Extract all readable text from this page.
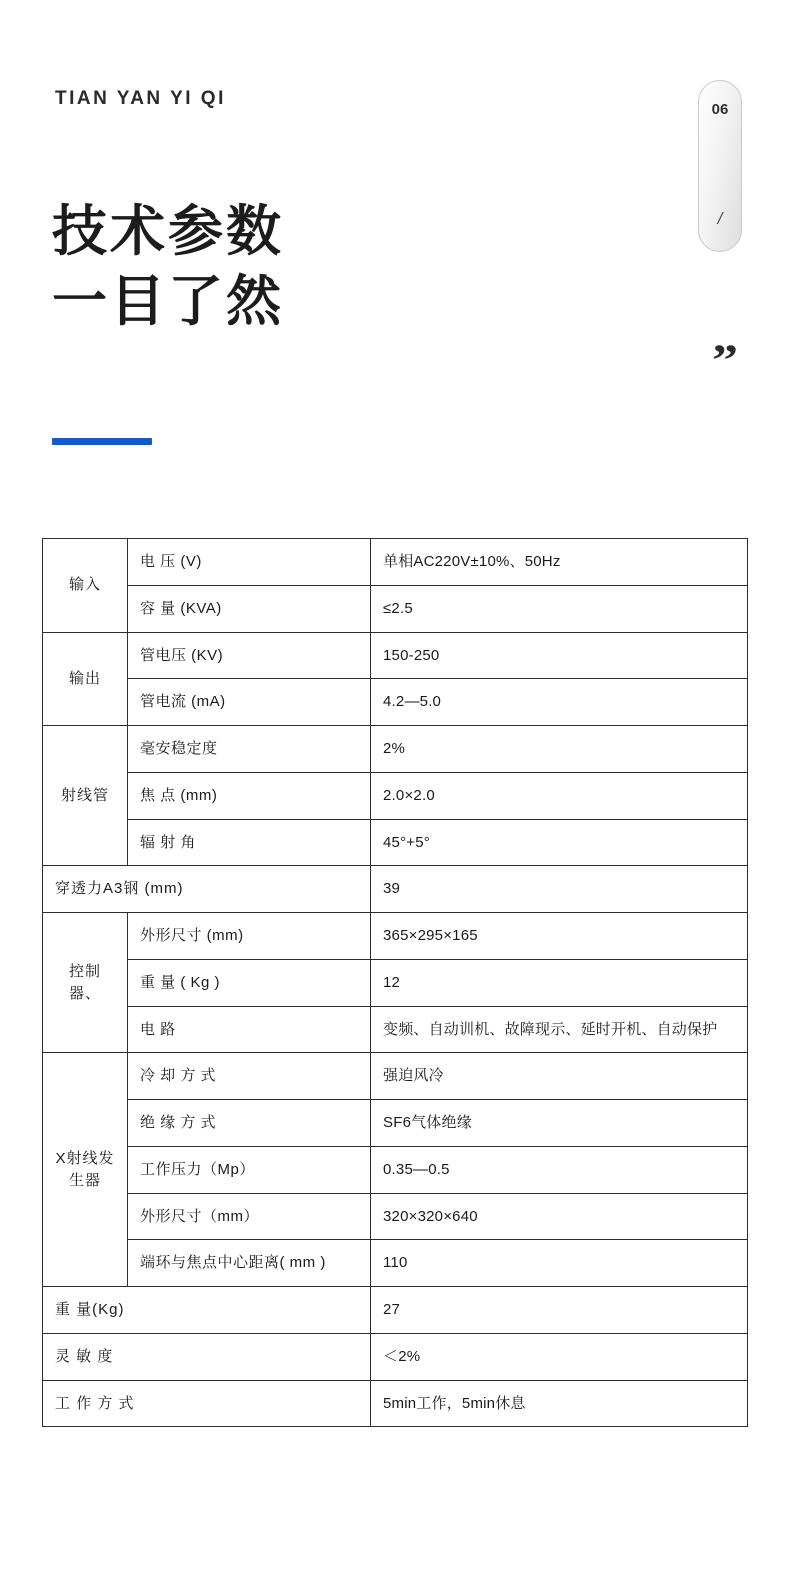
TIAN YAN YI QI
技术参数
一目了然
06
/
”
输入	电 压 (V)	单相AC220V±10%、50Hz
	容 量 (KVA)	≤2.5
输出	管电压 (KV)	150-250
	管电流 (mA)	4.2—5.0
射线管	毫安稳定度	2%
	焦 点 (mm)	2.0×2.0
	辐 射 角	45°+5°
穿透力A3钢 (mm)		39
控制器、	外形尺寸 (mm)	365×295×165
	重 量 ( Kg )	12
	电 路	变频、自动训机、故障现示、延时开机、自动保护
X射线发生器	冷 却 方 式	强迫风冷
	绝 缘 方 式	SF6气体绝缘
	工作压力（Mp）	0.35—0.5
	外形尺寸（mm）	320×320×640
	端环与焦点中心距离( mm )	110
重 量(Kg)		27
灵 敏 度		＜2%
工 作 方 式		5min工作，5min休息
